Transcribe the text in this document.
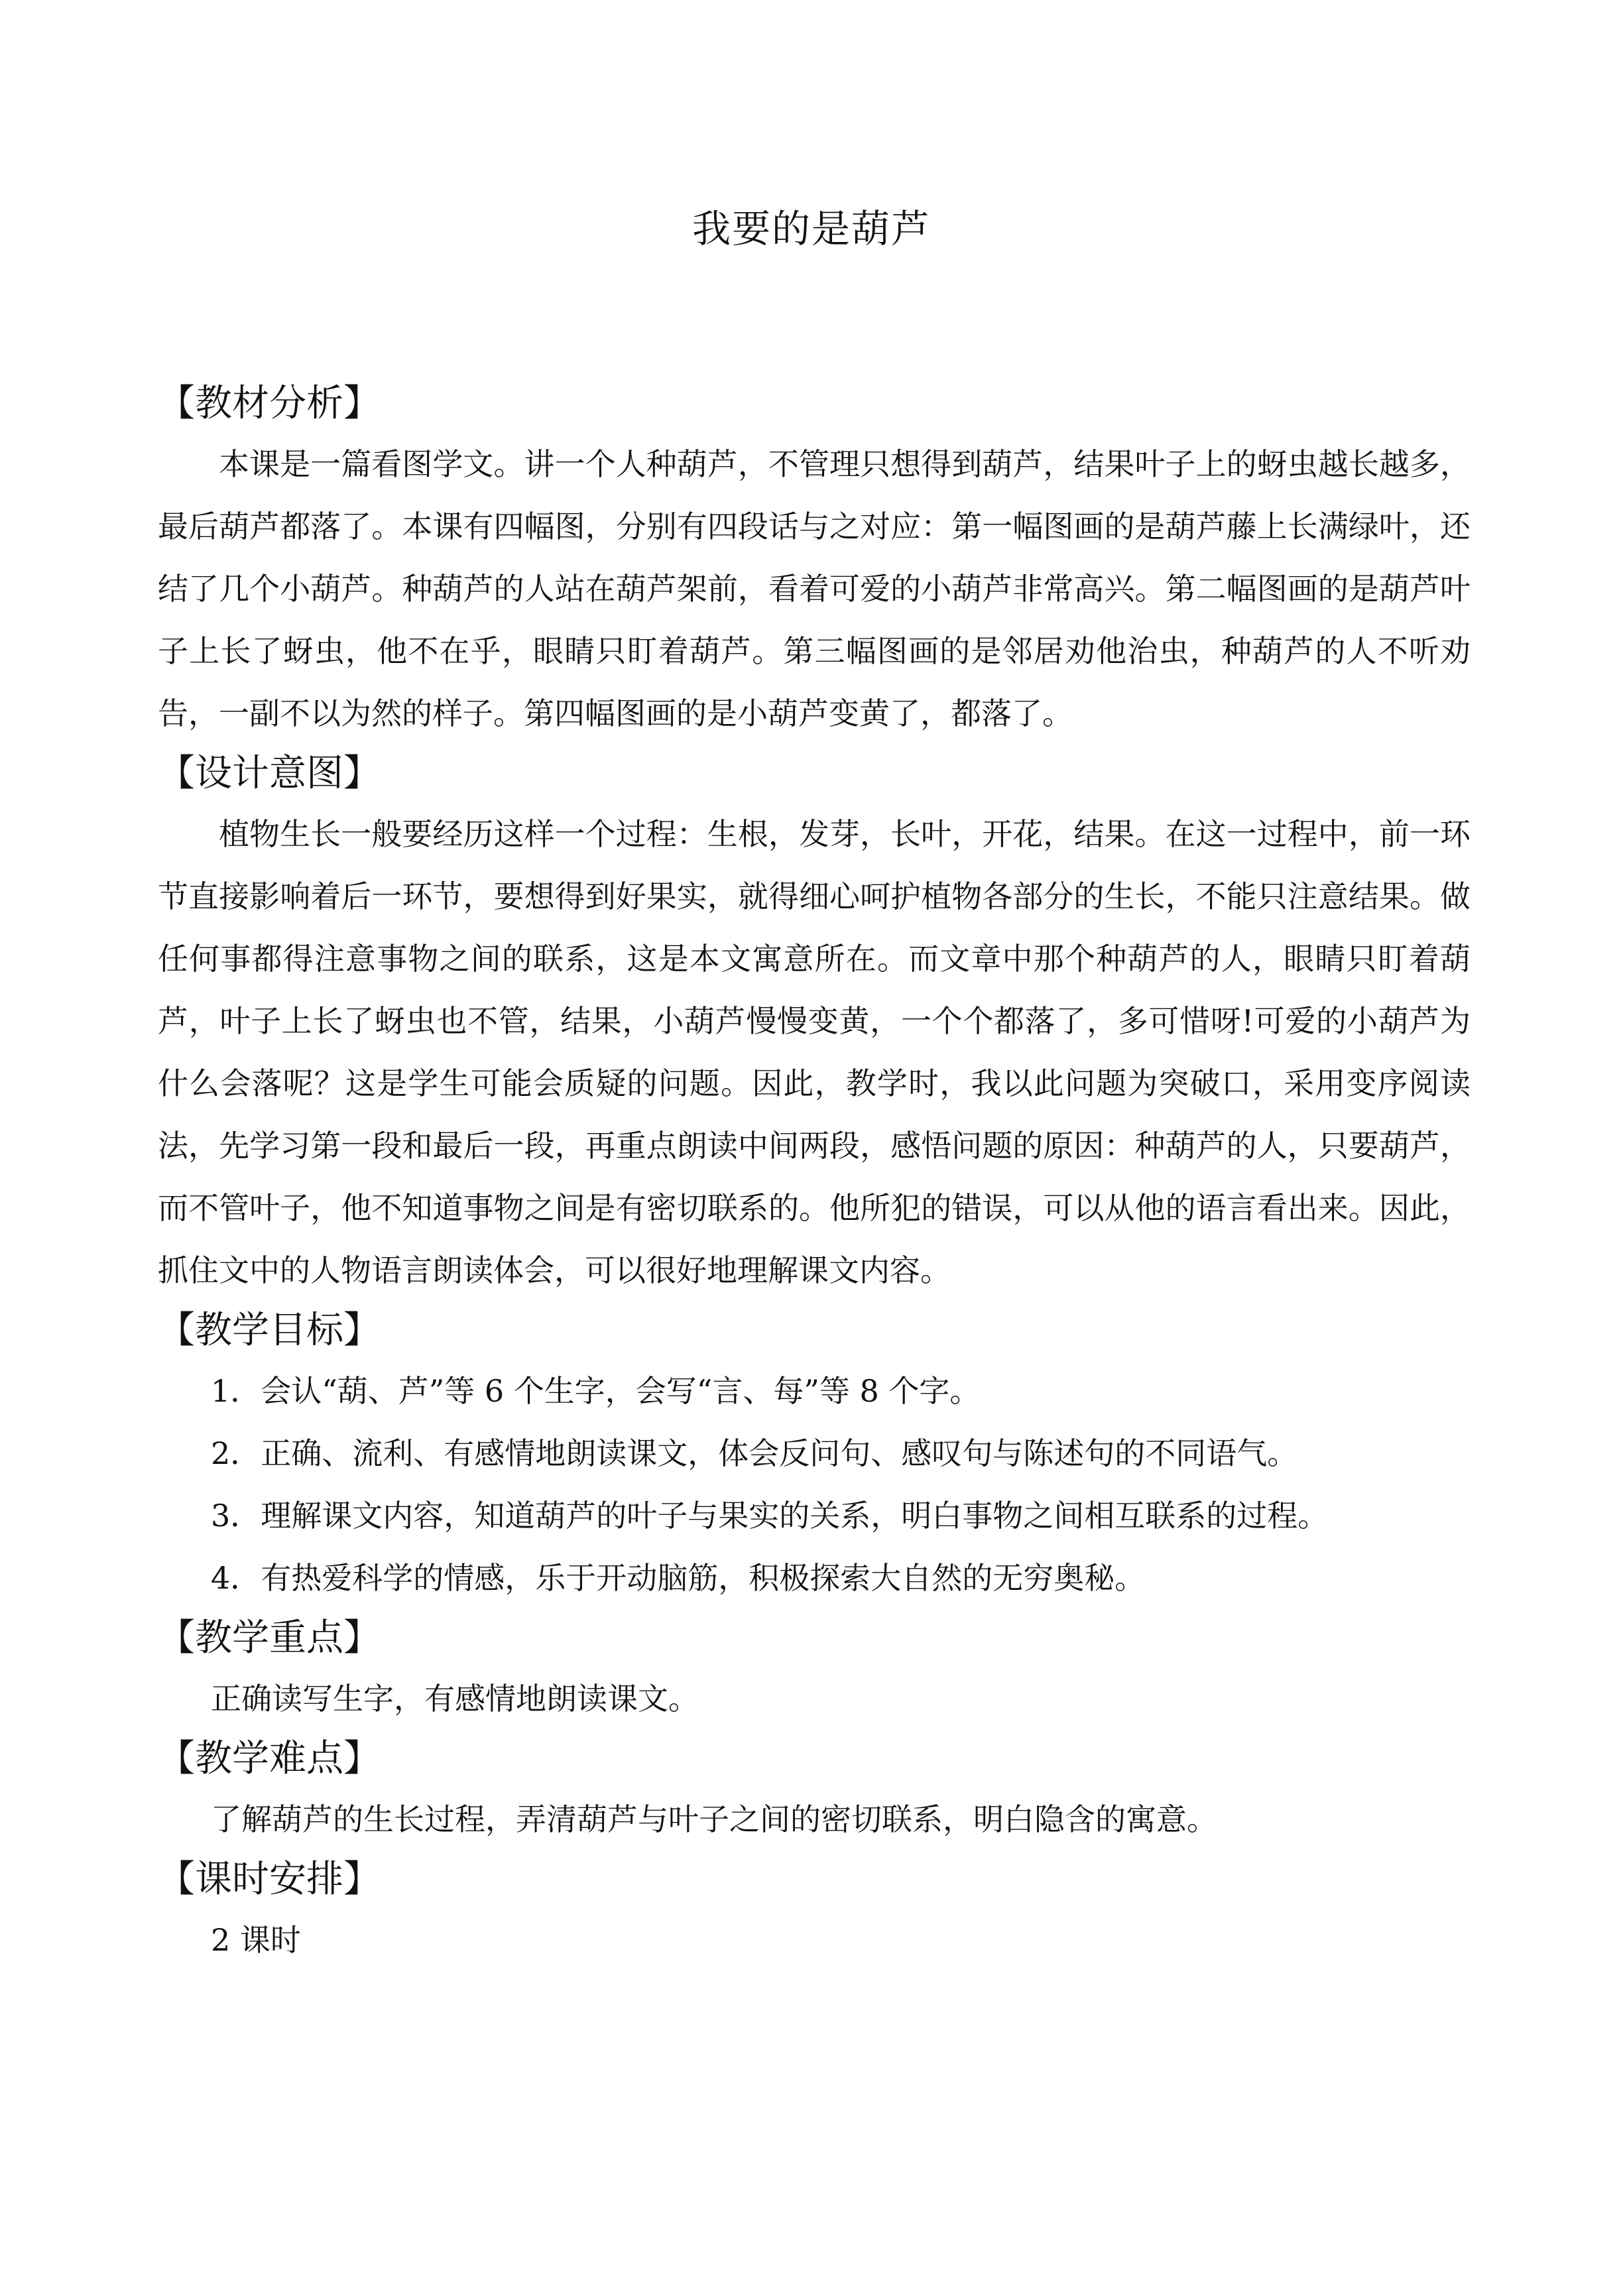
我要的是葫芦
【教材分析】

本课是一篇看图学文。讲一个人种葫芦，不管理只想得到葫芦，结果叶子上的蚜虫越长越多，最后葫芦都落了。本课有四幅图，分别有四段话与之对应：第一幅图画的是葫芦藤上长满绿叶，还结了几个小葫芦。种葫芦的人站在葫芦架前，看着可爱的小葫芦非常高兴。第二幅图画的是葫芦叶子上长了蚜虫，他不在乎，眼睛只盯着葫芦。第三幅图画的是邻居劝他治虫，种葫芦的人不听劝告，一副不以为然的样子。第四幅图画的是小葫芦变黄了，都落了。

【设计意图】

植物生长一般要经历这样一个过程：生根，发芽，长叶，开花，结果。在这一过程中，前一环节直接影响着后一环节，要想得到好果实，就得细心呵护植物各部分的生长，不能只注意结果。做任何事都得注意事物之间的联系，这是本文寓意所在。而文章中那个种葫芦的人，眼睛只盯着葫芦，叶子上长了蚜虫也不管，结果，小葫芦慢慢变黄，一个个都落了，多可惜呀!可爱的小葫芦为什么会落呢？这是学生可能会质疑的问题。因此，教学时，我以此问题为突破口，采用变序阅读法，先学习第一段和最后一段，再重点朗读中间两段，感悟问题的原因：种葫芦的人，只要葫芦，而不管叶子，他不知道事物之间是有密切联系的。他所犯的错误，可以从他的语言看出来。因此，抓住文中的人物语言朗读体会，可以很好地理解课文内容。

【教学目标】
1．会认“葫、芦”等 6 个生字，会写“言、每”等 8 个字。
2．正确、流利、有感情地朗读课文，体会反问句、感叹句与陈述句的不同语气。
3．理解课文内容，知道葫芦的叶子与果实的关系，明白事物之间相互联系的过程。
4．有热爱科学的情感，乐于开动脑筋，积极探索大自然的无穷奥秘。
【教学重点】
正确读写生字，有感情地朗读课文。
【教学难点】
了解葫芦的生长过程，弄清葫芦与叶子之间的密切联系，明白隐含的寓意。
【课时安排】
2 课时
